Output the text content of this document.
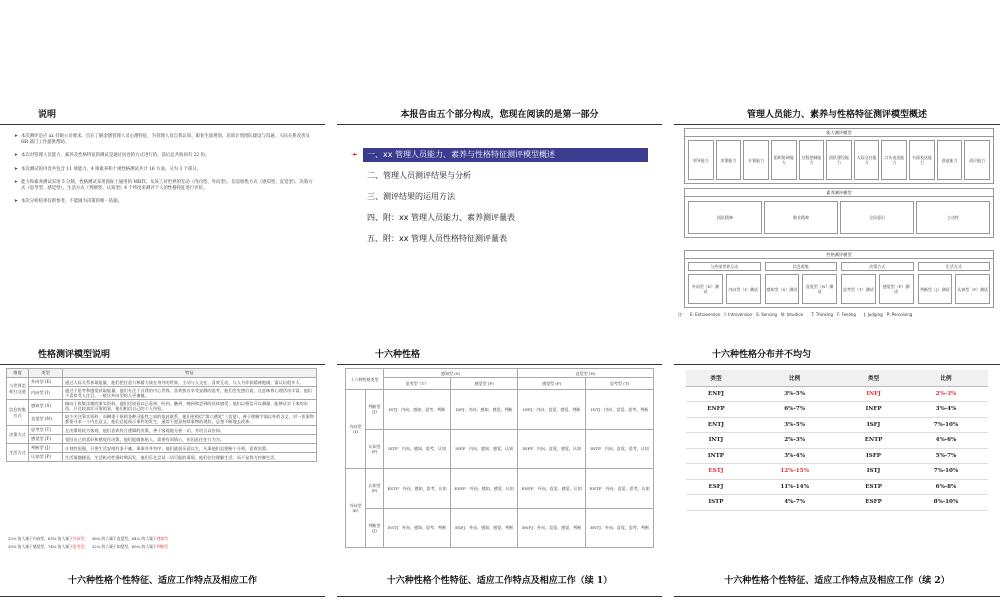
说明
➤ 本次测评是应 xx 有限公司要求，旨在了解金德管理人员心理特征，为管理人员自我认知、职业生涯规划、培训计划团队建设与沟通、人际关系改善及 HR 部门工作提供帮助。
➤ 本次对管理人员能力、素养及性格特征的测试是通过问卷的方式进行的，前后总共收回有 22 份。
➤ 本次测试的内容共包含 11 项能力、4 项素养和十项性格测试共计 16 方面，分为 3 个部分。
➤ 能力和素养测试采用 5 分制，性格测试采用国际上通用的 MBTI，从该工对世界的互动（内向型、外向型）、信息收集方式（感知型、直觉型）、决策方式（思考型、感觉型）、生活方式（判断型、认知型）4 个纬度来测评个人的性格特征进行评价。
➤ 本次分析结果仅供参考，不能做为决策的唯一依据。
本报告由五个部分构成，您现在阅读的是第一部分
➛	一、xx 管理人员能力、素养与性格特征测评模型概述
二、管理人员测评结果与分析
三、测评结果的运用方法
四、附：xx 管理人员能力、素养测评量表
五、附：xx 管理人员性格特征测评量表
管理人员能力、素养与性格特征测评模型概述
能力测评模型
领导能力	决策能力	计划能力	组织协调能力
过程控制能力
团队建设能力
人际交往能力
口头表达能力
书面表达能力	创造能力	适应能力
素养测评模型
团队精神	敬业精神	全局意识	主动性
性格测评模型
与外部世界互动	信息收集	决策方式	生活方式
外向型（E）测试	内向型（I）测试	感知型（S）测试	直觉型（N）测试	思考型（T）测试	感觉型（F）测试	判断型（J）测试	认知型（P）测试
注：　E: Extraversion　I: Introversion　S: Sensing　N: Intuition　　T: Thinking　F: Feeling　　J: Judging　P: Perceiving
性格测评模型说明
维度	类型	特征
与世界怎样打交道	外向型 (E)	通过人际关系获取能量，他们把注意力和精力放在身外的世界，主动与人交往，喜欢互动，与人为伴获精神饱满，需认识很多人。
	内向型 (I)	通过个思考和感觉获取能量，他们专注于自我的内心世界，喜欢独自享受安静的思考，他们会先想后说，这意味着心理活动丰富，他们不喜欢受人注目，一般比外向型的人更谨慎。
信息收集方式	感知型 (S)	倾向于收集详细的事实资料，他们比较看以已看到、听到、触到、嗅到和尝到的具体感受，他们以相信可以测量、能够证实下来的东西，只比较真实可靠的事，他们相信自己的个人经验。
	直觉型 (N)	较少关注事实资料，而侧重于原则各种可能性之间的依此联系，他们更相信"第六感觉"（直觉），善于理解字面以外的含义，对一切事物都要寻求一个内在意义，他们总能预示事件的发生，通常不愿意持续事物的现状，总想不断地去改革。
决策方式	思考型 (T)	在决策时较为客观，他们喜欢符合逻辑的决策，善于客观地分析一切，并坦言以告知。
	感觉型 (F)	觉回自己的喜好和感觉作决策，他们能敏体贴人，需要有同情心，但因此往往行为为。
生活方式	判断型 (J)	计划性很强，只要生活安排有条不紊、事事井井有序，他们就很乐意以生，凡事他们总要断个分明，喜欢决策。
	认知型 (P)	生活情趣随意，生活机动性强时期而发，他们乐在尝试一切可能的事情，他们往往理解生活，而不是努力控制生活。
33% 的人属于内向型，65% 的人属于外向型；　36% 的人属于直觉型，64% 的人属于感知型
39% 的人属于感觉型，74% 的人属于思考型；　32% 的人属于知觉型，68% 的人属于判断型
十六种性格
十六种性格类型		感知型 (S)		直觉型 (N)	
		思考型（T）	感觉型 (F)	感觉型 (F)	思考型 (T)
内向型 (I)	判断型 (J)	ISTJ：内向、感知、思考、判断	ISFJ：内向、感知、感觉、判断	INFJ：内向、直觉、感觉、判断	INTJ：内向、直觉、思考、判断
	认知型 (P)	ISTP：内向、感知、思考、认知	ISFP：内向、感知、感觉、认知	INFP：内向、直觉、感觉、认知	INTP：内向、直觉、思考、认知
外向型 (E)	认知型 (P)	ESTP：外向、感知、思考、认知	ESFP：外向、感知、感觉、认知	ENFP：外向、直觉、感觉、认知	ENTP：外向、直觉、思考、认知
	判断型 (J)	ESTJ：外向、感知、思考、判断	ESFJ：外向、感知、感觉、判断	ENFJ：外向、直觉、感觉、判断	ENTJ：外向、直觉、思考、判断
十六种性格分布并不均匀
类型	比例	类型	比例
ENFJ	3%-5%	INFJ	2%-3%
ENFP	6%-7%	INFP	3%-4%
ENTJ	3%-5%	ISFJ	7%-10%
INTJ	2%-3%	ENTP	4%-6%
INTP	3%-4%	ISFP	5%-7%
ESTJ	12%-15%	ISTJ	7%-10%
ESFJ	11%-14%	ESTP	6%-8%
ISTP	4%-7%	ESFP	8%-10%
十六种性格个性特征、适应工作特点及相应工作	十六种性格个性特征、适应工作特点及相应工作（续 1）	十六种性格个性特征、适应工作特点及相应工作（续 2）
